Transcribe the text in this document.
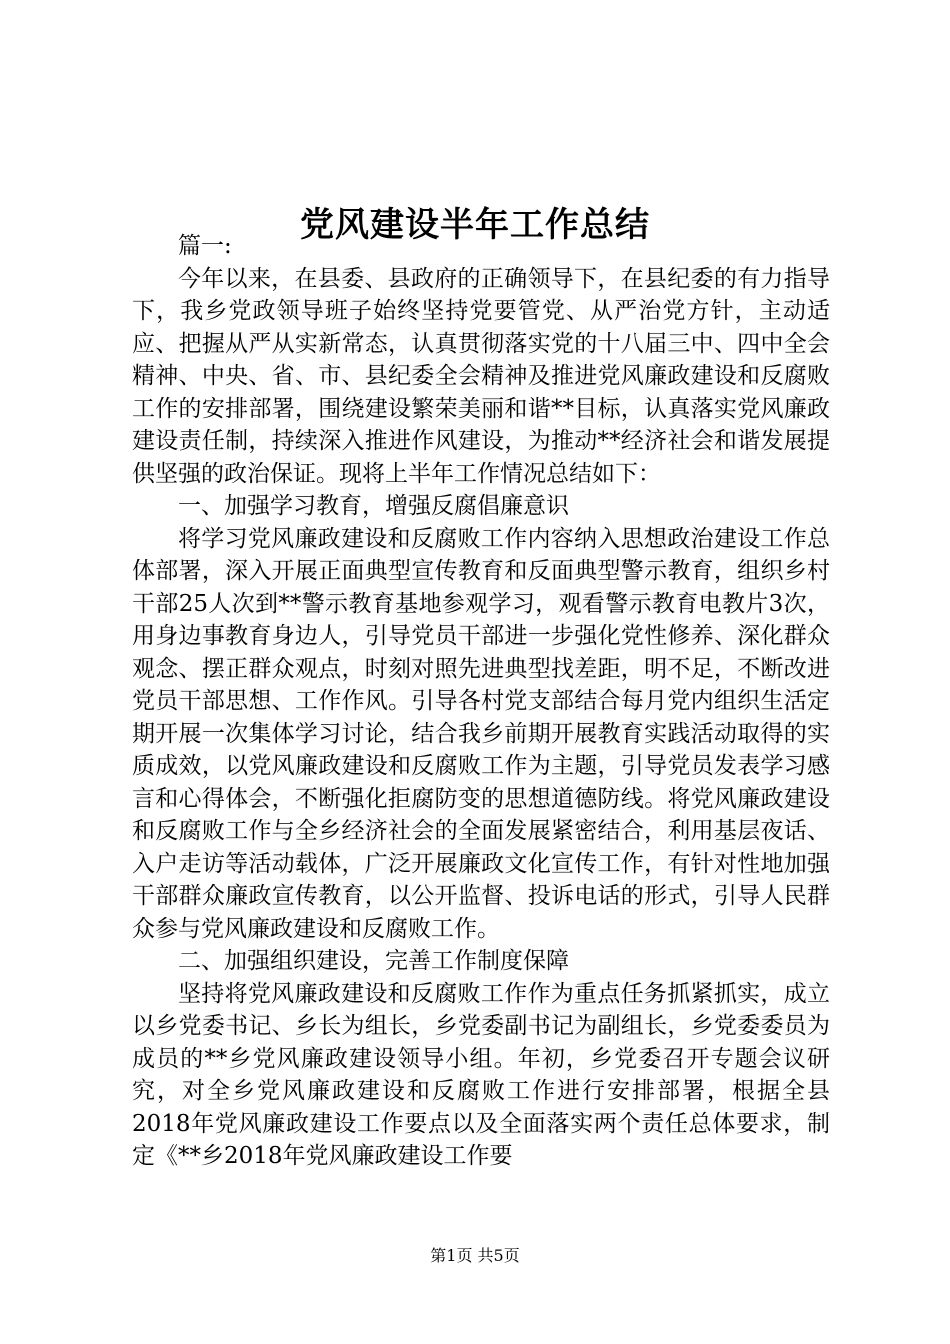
党风建设半年工作总结

篇一:

今年以来，在县委、县政府的正确领导下，在县纪委的有力指导下，我乡党政领导班子始终坚持党要管党、从严治党方针，主动适应、把握从严从实新常态，认真贯彻落实党的十八届三中、四中全会精神、中央、省、市、县纪委全会精神及推进党风廉政建设和反腐败工作的安排部署，围绕建设繁荣美丽和谐**目标，认真落实党风廉政建设责任制，持续深入推进作风建设，为推动**经济社会和谐发展提供坚强的政治保证。现将上半年工作情况总结如下：

一、加强学习教育，增强反腐倡廉意识

将学习党风廉政建设和反腐败工作内容纳入思想政治建设工作总体部署，深入开展正面典型宣传教育和反面典型警示教育，组织乡村干部25人次到**警示教育基地参观学习，观看警示教育电教片3次，用身边事教育身边人，引导党员干部进一步强化党性修养、深化群众观念、摆正群众观点，时刻对照先进典型找差距，明不足，不断改进党员干部思想、工作作风。引导各村党支部结合每月党内组织生活定期开展一次集体学习讨论，结合我乡前期开展教育实践活动取得的实质成效，以党风廉政建设和反腐败工作为主题，引导党员发表学习感言和心得体会，不断强化拒腐防变的思想道德防线。将党风廉政建设和反腐败工作与全乡经济社会的全面发展紧密结合，利用基层夜话、入户走访等活动载体，广泛开展廉政文化宣传工作，有针对性地加强干部群众廉政宣传教育，以公开监督、投诉电话的形式，引导人民群众参与党风廉政建设和反腐败工作。

二、加强组织建设，完善工作制度保障

坚持将党风廉政建设和反腐败工作作为重点任务抓紧抓实，成立以乡党委书记、乡长为组长，乡党委副书记为副组长，乡党委委员为成员的**乡党风廉政建设领导小组。年初，乡党委召开专题会议研究，对全乡党风廉政建设和反腐败工作进行安排部署，根据全县2018年党风廉政建设工作要点以及全面落实两个责任总体要求，制定《**乡2018年党风廉政建设工作要

第1页 共5页
